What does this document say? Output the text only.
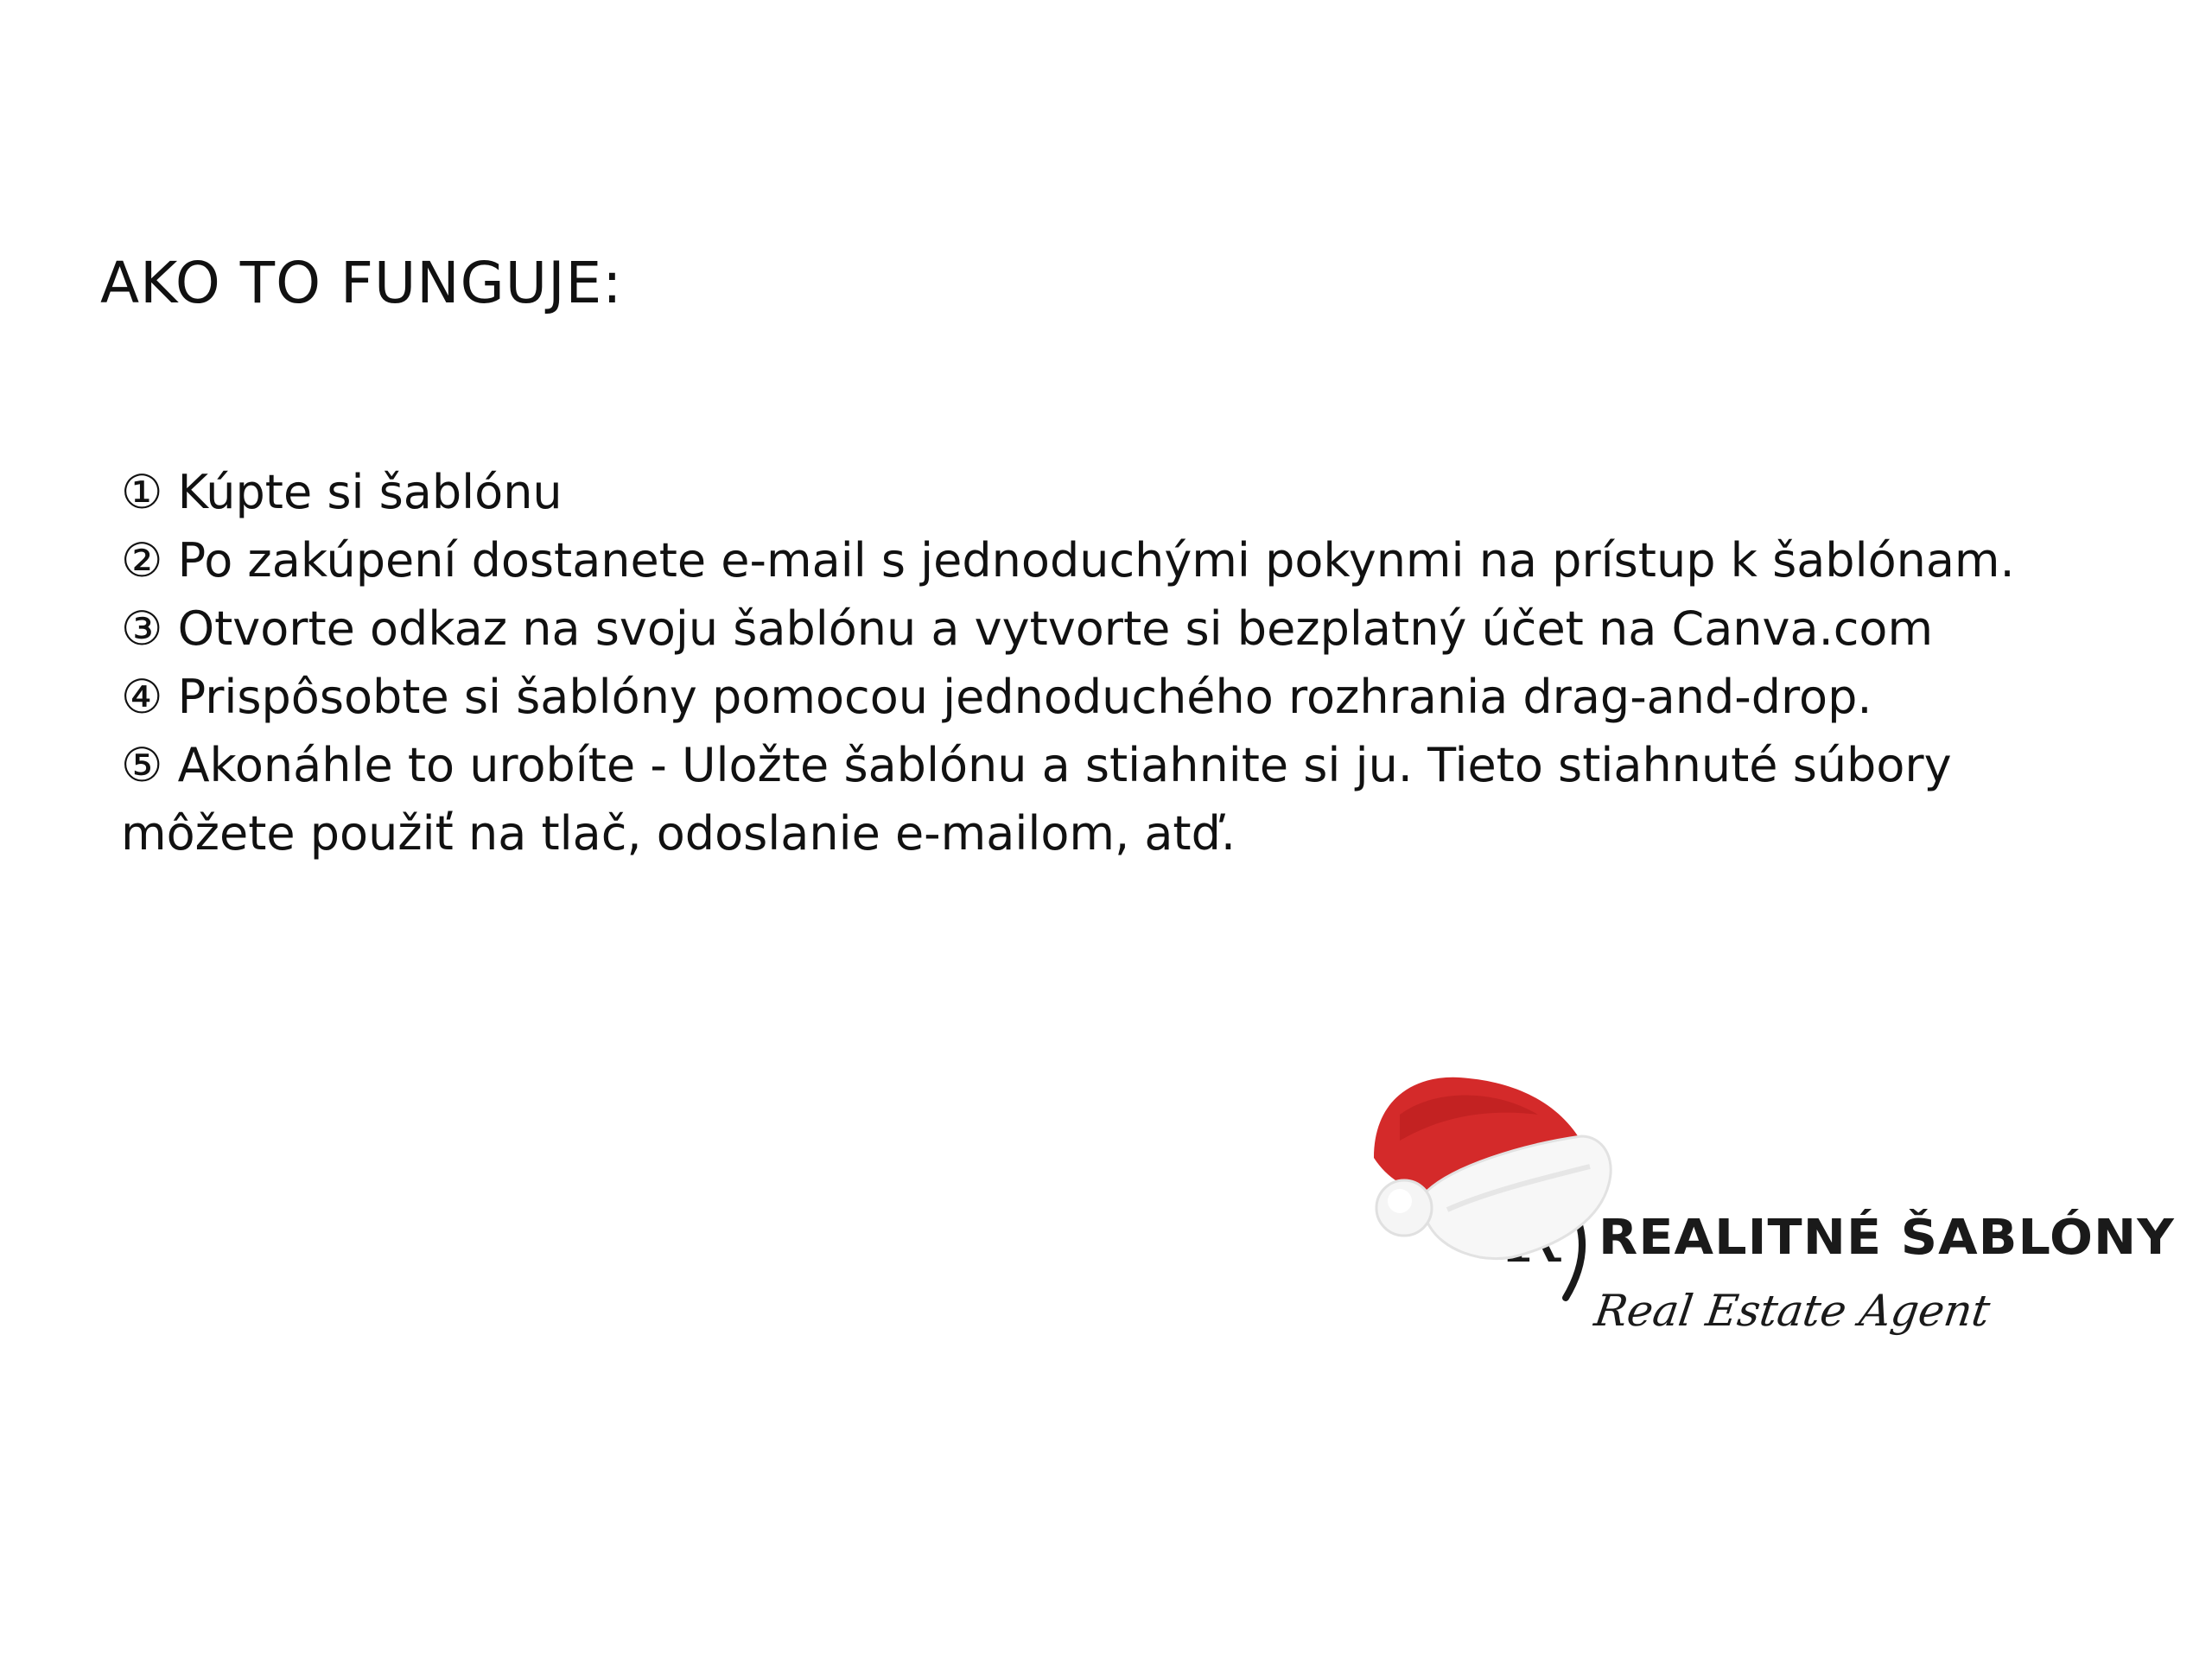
AKO TO FUNGUJE:

① Kúpte si šablónu

② Po zakúpení dostanete e-mail s jednoduchými pokynmi na prístup k šablónam.

③ Otvorte odkaz na svoju šablónu a vytvorte si bezplatný účet na Canva.com

④ Prispôsobte si šablóny pomocou jednoduchého rozhrania drag-and-drop.

⑤ Akonáhle to urobíte - Uložte šablónu a stiahnite si ju. Tieto stiahnuté súbory môžete použiť na tlač, odoslanie e-mailom, atď.

REALITNÉ ŠABLÓNY
Real Estate Agent
